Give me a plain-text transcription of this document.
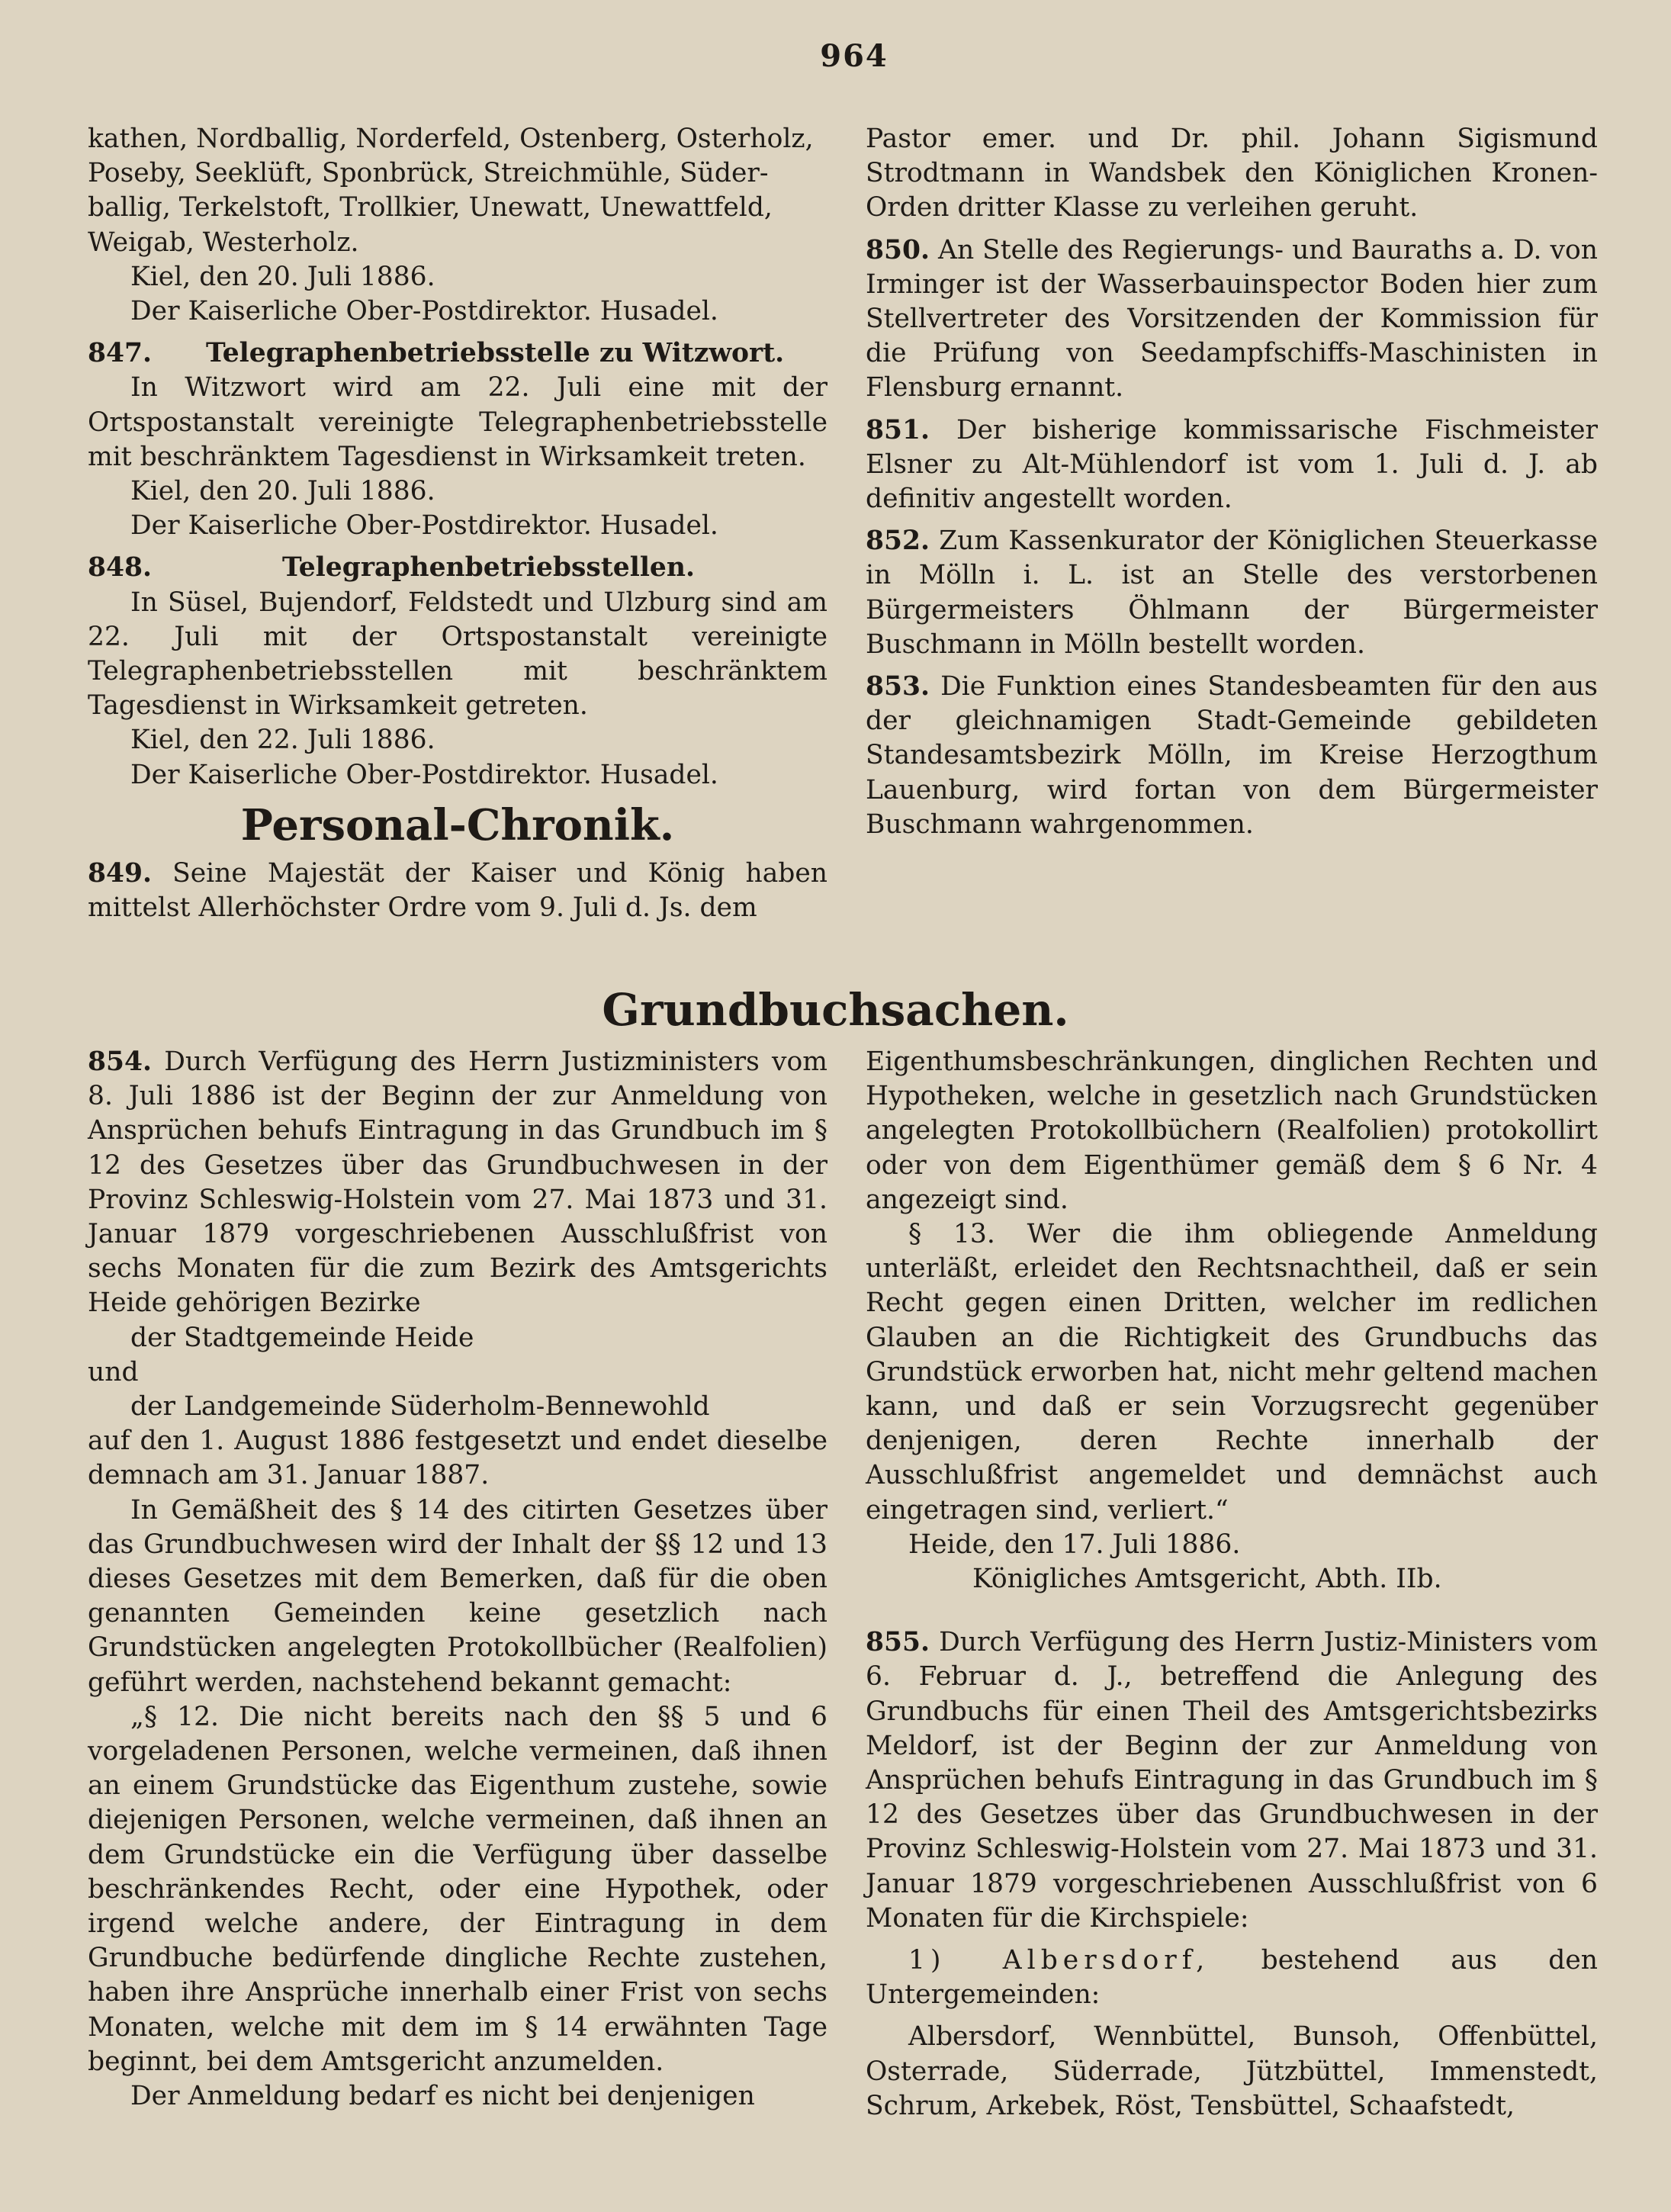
964

kathen, Nordballig, Norderfeld, Ostenberg, Osterholz,

Poseby, Seeklüft, Sponbrück, Streichmühle, Süder-

ballig, Terkelstoft, Trollkier, Unewatt, Unewattfeld,

Weigab, Westerholz.

Kiel, den 20. Juli 1886.

Der Kaiserliche Ober-Postdirektor. Husadel.

847. Telegraphenbetriebsstelle zu Witzwort.

In Witzwort wird am 22. Juli eine mit der Ortspostanstalt vereinigte Telegraphenbetriebsstelle mit beschränktem Tagesdienst in Wirksamkeit treten.

Kiel, den 20. Juli 1886.

Der Kaiserliche Ober-Postdirektor. Husadel.

848.	Telegraphenbetriebsstellen.

In Süsel, Bujendorf, Feldstedt und Ulzburg sind am 22. Juli mit der Ortspostanstalt vereinigte Telegraphenbetriebsstellen mit beschränktem Tagesdienst in Wirksamkeit getreten.

Kiel, den 22. Juli 1886.

Der Kaiserliche Ober-Postdirektor. Husadel.

Personal-Chronik.

849. Seine Majestät der Kaiser und König haben mittelst Allerhöchster Ordre vom 9. Juli d. Js. dem

Pastor emer. und Dr. phil. Johann Sigismund Strodtmann in Wandsbek den Königlichen Kronen-Orden dritter Klasse zu verleihen geruht.

850. An Stelle des Regierungs- und Bauraths a. D. von Irminger ist der Wasserbauinspector Boden hier zum Stellvertreter des Vorsitzenden der Kommission für die Prüfung von Seedampfschiffs-Maschinisten in Flensburg ernannt.

851. Der bisherige kommissarische Fischmeister Elsner zu Alt-Mühlendorf ist vom 1. Juli d. J. ab definitiv angestellt worden.

852. Zum Kassenkurator der Königlichen Steuerkasse in Mölln i. L. ist an Stelle des verstorbenen Bürgermeisters Öhlmann der Bürgermeister Buschmann in Mölln bestellt worden.

853. Die Funktion eines Standesbeamten für den aus der gleichnamigen Stadt-Gemeinde gebildeten Standesamtsbezirk Mölln, im Kreise Herzogthum Lauenburg, wird fortan von dem Bürgermeister Buschmann wahrgenommen.

Grundbuchsachen.

854. Durch Verfügung des Herrn Justizministers vom 8. Juli 1886 ist der Beginn der zur Anmeldung von Ansprüchen behufs Eintragung in das Grundbuch im § 12 des Gesetzes über das Grundbuchwesen in der Provinz Schleswig-Holstein vom 27. Mai 1873 und 31. Januar 1879 vorgeschriebenen Ausschlußfrist von sechs Monaten für die zum Bezirk des Amtsgerichts Heide gehörigen Bezirke

der Stadtgemeinde Heide

und

der Landgemeinde Süderholm-Bennewohld

auf den 1. August 1886 festgesetzt und endet dieselbe demnach am 31. Januar 1887.

In Gemäßheit des § 14 des citirten Gesetzes über das Grundbuchwesen wird der Inhalt der §§ 12 und 13 dieses Gesetzes mit dem Bemerken, daß für die oben genannten Gemeinden keine gesetzlich nach Grundstücken angelegten Protokollbücher (Realfolien) geführt werden, nachstehend bekannt gemacht:

„§ 12. Die nicht bereits nach den §§ 5 und 6 vorgeladenen Personen, welche vermeinen, daß ihnen an einem Grundstücke das Eigenthum zustehe, sowie diejenigen Personen, welche vermeinen, daß ihnen an dem Grundstücke ein die Verfügung über dasselbe beschränkendes Recht, oder eine Hypothek, oder irgend welche andere, der Eintragung in dem Grundbuche bedürfende dingliche Rechte zustehen, haben ihre Ansprüche innerhalb einer Frist von sechs Monaten, welche mit dem im § 14 erwähnten Tage beginnt, bei dem Amtsgericht anzumelden.

Der Anmeldung bedarf es nicht bei denjenigen

Eigenthumsbeschränkungen, dinglichen Rechten und Hypotheken, welche in gesetzlich nach Grundstücken angelegten Protokollbüchern (Realfolien) protokollirt oder von dem Eigenthümer gemäß dem § 6 Nr. 4 angezeigt sind.

§ 13. Wer die ihm obliegende Anmeldung unterläßt, erleidet den Rechtsnachtheil, daß er sein Recht gegen einen Dritten, welcher im redlichen Glauben an die Richtigkeit des Grundbuchs das Grundstück erworben hat, nicht mehr geltend machen kann, und daß er sein Vorzugsrecht gegenüber denjenigen, deren Rechte innerhalb der Ausschlußfrist angemeldet und demnächst auch eingetragen sind, verliert.“

Heide, den 17. Juli 1886.

Königliches Amtsgericht, Abth. IIb.

855. Durch Verfügung des Herrn Justiz-Ministers vom 6. Februar d. J., betreffend die Anlegung des Grundbuchs für einen Theil des Amtsgerichtsbezirks Meldorf, ist der Beginn der zur Anmeldung von Ansprüchen behufs Eintragung in das Grundbuch im § 12 des Gesetzes über das Grundbuchwesen in der Provinz Schleswig-Holstein vom 27. Mai 1873 und 31. Januar 1879 vorgeschriebenen Ausschlußfrist von 6 Monaten für die Kirchspiele:

1) Albersdorf, bestehend aus den Untergemeinden:

Albersdorf, Wennbüttel, Bunsoh, Offenbüttel, Osterrade, Süderrade, Jützbüttel, Immenstedt, Schrum, Arkebek, Röst, Tensbüttel, Schaafstedt,
